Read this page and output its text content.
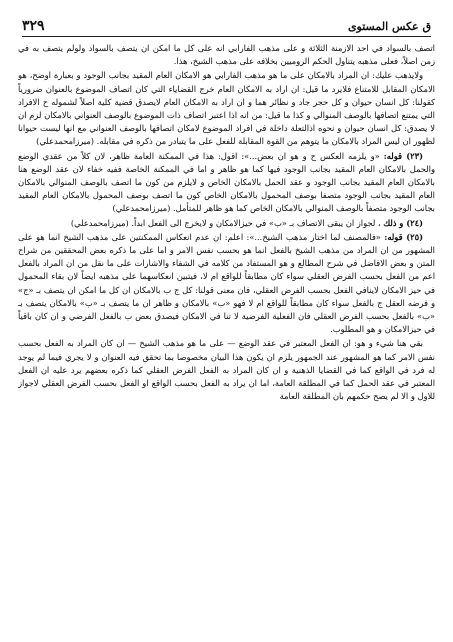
ق عكس المستوى
٣٢٩

اتصف بالسواد في احد الازمنة الثلاثة و على مذهب الفارابي انه على كل ما امكن ان يتصف بالسواد ولولم يتصف به في زمن اصلاً، فعلى مذهبه يتناول الحكم الروميين بخلافه على مذهب الشيخ، هذا.

ولايذهب عليك: ان المراد بالامكان على ما هو مذهب الفارابي هو الامكان العام المقيد بجانب الوجود و بعبارة اوضح، هو الامكان المقابل للامتناع فلايرد ما قيل: ان اراد به الامكان العام خرج القضاياء التي كان اتصاف الموضوع بالعنوان ضرورياً كقولنا: كل انسان حيوان و كل حجر جاد و نظائر هما و ان اراد به الامكان العام لايصدق قضية كلية اصلاً لشموله ح الافراد التي يمتنع اتصافها بالوصف المنوالي و كذا ما قيل: من انه اذا اعتبر اتصاف ذات الموضوع بالوصف العنواني بالامكان لزم ان لا يصدق: كل انسان حيوان و نحوه اذالتعلة داخلة في افراد الموضوع لامكان اتصافها بالوصف العنواني مع انها ليست حيوانا لظهور ان ليس المراد بالامكان ما يتوهم من القوة المقابلة للفعل على ما يتبادر من ذكره في مقابله. (ميرزامحمدعلي)

(٢٣) قوله: «و يلزمه العكس ح و هو ان بعض...»: اقول: هذا في الممكنة العامة ظاهر، لان كلاً من عقدي الوضع والحمل بالامكان العام المقيد بجانب الوجود فيها كما هو ظاهر و اما في الممكنة الخاصة ففيه خفاء لان عقد الوضع هنا بالامكان العام المقيد بجانب الوجود و عقد الحمل بالامكان الخاص و لايلزم من كون ما اتصف بالوصف المنوالي بالامكان العام المقيد بجانب الوجود متصفا بوصف المحمول بالامكان الخاص كون ما اتصف بوصف المحمول بالامكان العام المقيد بجانب الوجود متصفاً بالوصف المنوالي بالامكان الخاص كما هو ظاهر للمتأمل. (ميرزامحمدعلي)

(٢٤) و ذلك ، لجواز ان يبقى الاتصاف بـ «ب» في حيزالامكان و لايخرج الى الفعل ابداً. (ميرزامحمدعلي)

(٢٥) قوله: «فالمصنف لما اختار مذهب الشيخ...»: اعلم: ان عدم انعكاس الممكنتين على مذهب الشيخ انما هو على المشهور من ان المراد من مذهب الشيخ بالفعل انما هو بحسب نفس الامر و اما على ما ذكره بعض المحققين من شراح المتن و بعض الافاضل في شرح المطالع و هو المستفاد من كلامه في الشفاء والاشارات على ما نقل من ان المراد بالفعل اعم من الفعل بحسب الفرض العقلي سواء كان مطابقاً للواقع ام لا، فيتبين انعكاسهما على مذهبه ايضاً لان بقاء المحمول في حيز الامكان لاينافي الفعل بحسب الفرض العقلي، فان معنى قولنا: كل ج ب بالامكان ان كل ما امكن ان يتصف بـ «ج» و فرضه العقل ج بالفعل سواء كان مطابقاً للواقع ام لا فهو «ب» بالامكان و ظاهر ان ما يتصف بـ «ب» بالامكان يتصف بـ «ب» بالفعل بحسب الفرض العقلي فان الفعلية الفرضية لا تنا في الامكان فيصدق بعض ب بالفعل الفرضي و ان كان باقياً في حيزالامكان و هو المطلوب.

بقي هنا شيء و هو: ان الفعل المعتبر في عقد الوضع — على ما هو مذهب الشيخ — ان كان المراد به الفعل بحسب نفس الامر كما هو المشهور عند الجمهور يلزم ان يكون هذا البيان مخصوصا بما تحقق فيه العنوان و لا يجري فيما لم يوجد له فرد في الواقع كما في القضايا الذهنية و ان كان المراد به الفعل الفرض العقلي كما ذكره بعضهم يرد عليه ان الفعل المعتبر في عقد الحمل كما في المطلقة العامة، اما ان يراد به الفعل بحسب الواقع او الفعل بحسب الفرض العقلي لاجواز للاول و الا لم يصح حكمهم بان المطلقة العامة
